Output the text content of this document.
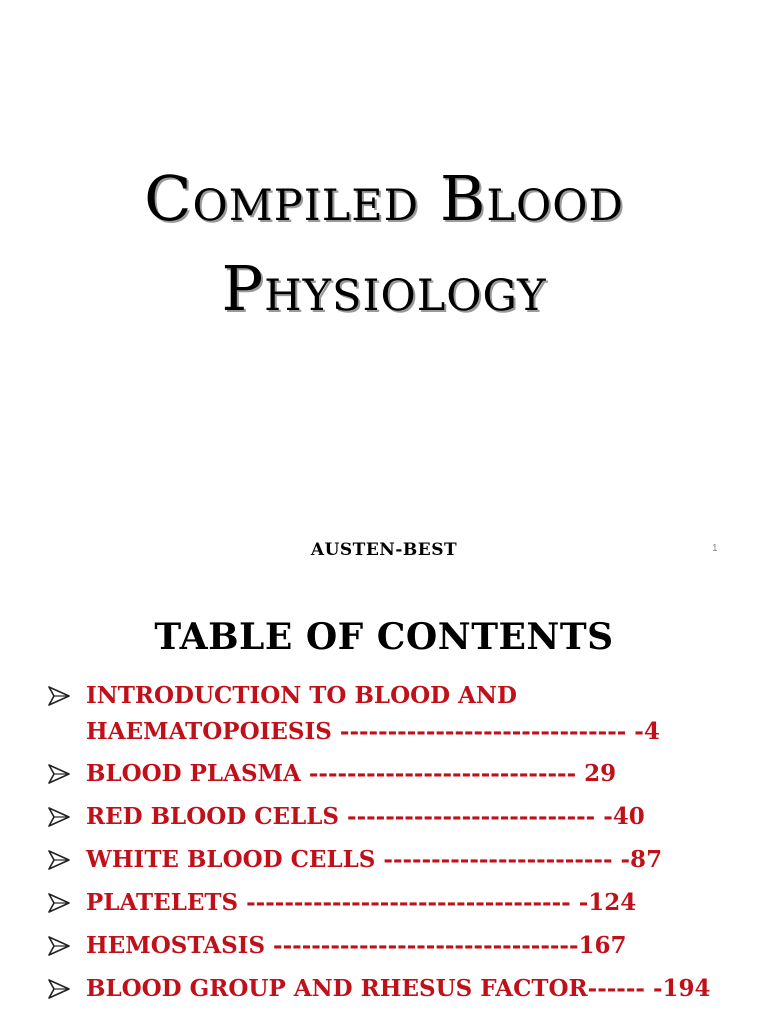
Compiled Blood
Physiology
AUSTEN-BEST	1
TABLE OF CONTENTS
INTRODUCTION TO BLOOD AND
HAEMATOPOIESIS ------------------------------ -4
BLOOD PLASMA ---------------------------- 29
RED BLOOD CELLS -------------------------- -40
WHITE BLOOD CELLS ------------------------ -87
PLATELETS ---------------------------------- -124
HEMOSTASIS --------------------------------167
BLOOD GROUP AND RHESUS FACTOR------ -194
